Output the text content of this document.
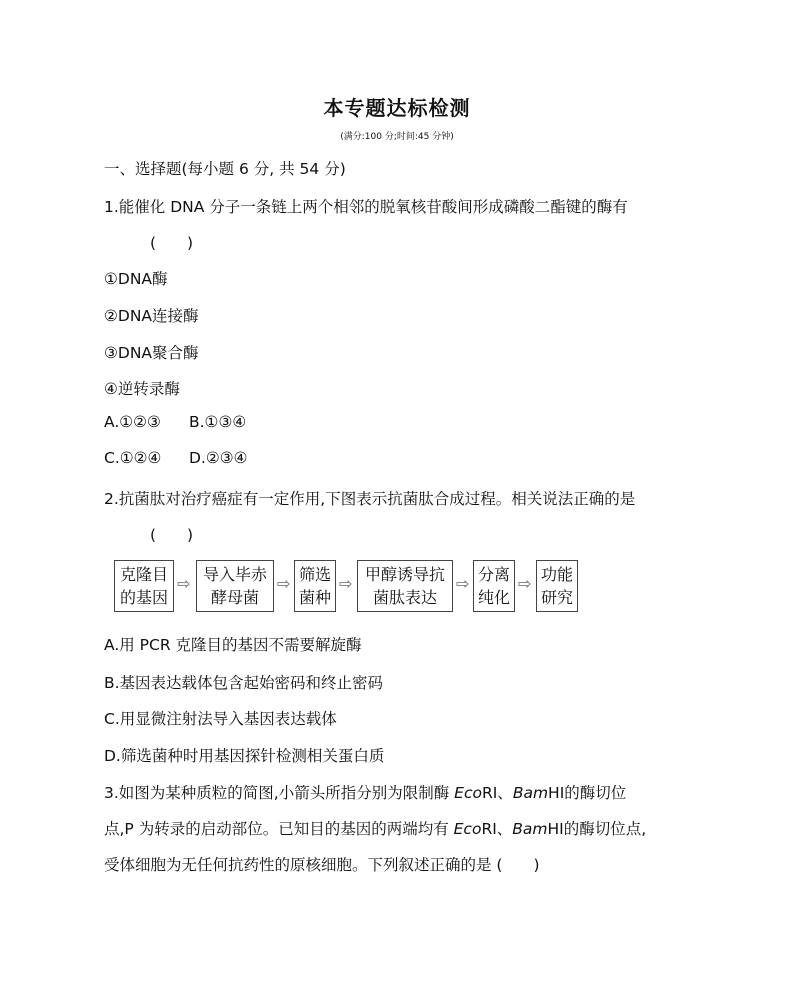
本专题达标检测
(满分:100 分;时间:45 分钟)
一、选择题(每小题 6 分, 共 54 分)
1.能催化 DNA 分子一条链上两个相邻的脱氧核苷酸间形成磷酸二酯键的酶有
(　　)
①DNA酶
②DNA连接酶
③DNA聚合酶
④逆转录酶
A.①②③ B.①③④
C.①②④ D.②③④
2.抗菌肽对治疗癌症有一定作用,下图表示抗菌肽合成过程。相关说法正确的是
(　　)
克隆目
的基因
⇨ 导入毕赤
酵母菌
⇨ 筛选
菌种
⇨ 甲醇诱导抗
菌肽表达
⇨ 分离
纯化
⇨ 功能
研究
A.用 PCR 克隆目的基因不需要解旋酶
B.基因表达载体包含起始密码和终止密码
C.用显微注射法导入基因表达载体
D.筛选菌种时用基因探针检测相关蛋白质
3.如图为某种质粒的简图,小箭头所指分别为限制酶 EcoRⅠ、BamHⅠ的酶切位
点,P 为转录的启动部位。已知目的基因的两端均有 EcoRⅠ、BamHⅠ的酶切位点,
受体细胞为无任何抗药性的原核细胞。下列叙述正确的是 (　　)
